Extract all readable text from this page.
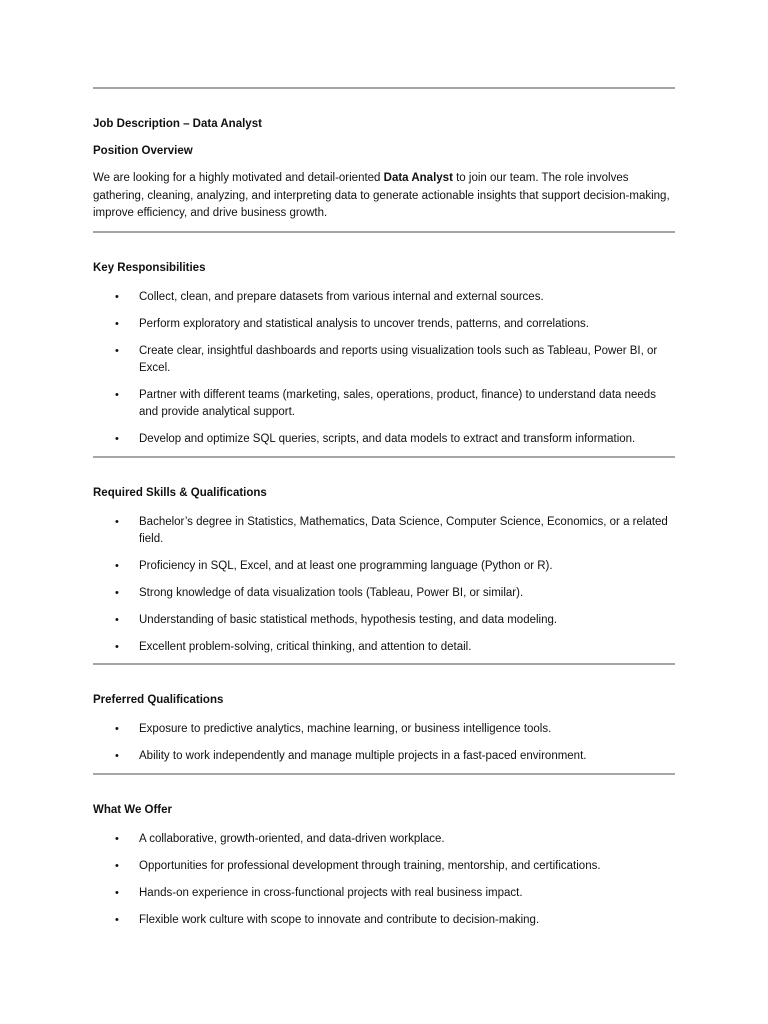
Job Description – Data Analyst
Position Overview
We are looking for a highly motivated and detail-oriented Data Analyst to join our team. The role involves gathering, cleaning, analyzing, and interpreting data to generate actionable insights that support decision-making, improve efficiency, and drive business growth.
Key Responsibilities
• Collect, clean, and prepare datasets from various internal and external sources.
• Perform exploratory and statistical analysis to uncover trends, patterns, and correlations.
• Create clear, insightful dashboards and reports using visualization tools such as Tableau, Power BI, or Excel.
• Partner with different teams (marketing, sales, operations, product, finance) to understand data needs and provide analytical support.
• Develop and optimize SQL queries, scripts, and data models to extract and transform information.
Required Skills & Qualifications
• Bachelor’s degree in Statistics, Mathematics, Data Science, Computer Science, Economics, or a related field.
• Proficiency in SQL, Excel, and at least one programming language (Python or R).
• Strong knowledge of data visualization tools (Tableau, Power BI, or similar).
• Understanding of basic statistical methods, hypothesis testing, and data modeling.
• Excellent problem-solving, critical thinking, and attention to detail.
Preferred Qualifications
• Exposure to predictive analytics, machine learning, or business intelligence tools.
• Ability to work independently and manage multiple projects in a fast-paced environment.
What We Offer
• A collaborative, growth-oriented, and data-driven workplace.
• Opportunities for professional development through training, mentorship, and certifications.
• Hands-on experience in cross-functional projects with real business impact.
• Flexible work culture with scope to innovate and contribute to decision-making.
